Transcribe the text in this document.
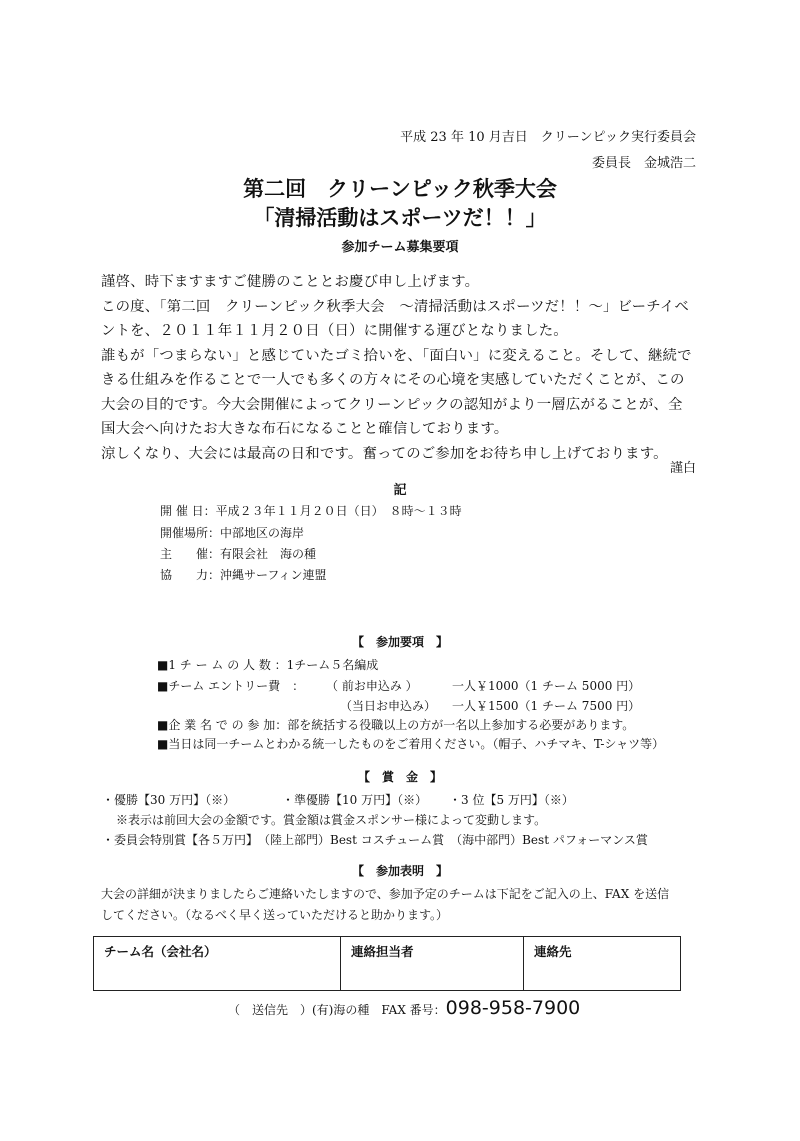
平成 23 年 10 月吉日　クリーンピック実行委員会
委員長　金城浩二
第二回　クリーンピック秋季大会
「清掃活動はスポーツだ！！」
参加チーム募集要項
謹啓、時下ますますご健勝のこととお慶び申し上げます。
この度、「第二回　クリーンピック秋季大会　～清掃活動はスポーツだ！！～」ビーチイベ
ントを、２０１１年１１月２０日（日）に開催する運びとなりました。
誰もが「つまらない」と感じていたゴミ拾いを、「面白い」に変えること。そして、継続で
きる仕組みを作ることで一人でも多くの方々にその心境を実感していただくことが、この
大会の目的です。今大会開催によってクリーンピックの認知がより一層広がることが、全
国大会へ向けたお大きな布石になることと確信しております。
涼しくなり、大会には最高の日和です。奮ってのご参加をお待ち申し上げております。
謹白
記
開 催 日：平成２３年１１月２０日（日）　８時～１３時
開催場所：中部地区の海岸
主　　催：有限会社　海の種
協　　力：沖縄サーフィン連盟
【　参加要項　】
■1 チ ー ム の 人 数 ：1チーム５名編成
■チーム エントリー費　： （ 前お申込み ）	一人￥1000（1 チーム 5000 円）
（当日お申込み） 一人￥1500（1 チーム 7500 円）
■企 業 名 で の 参 加：部を統括する役職以上の方が一名以上参加する必要があります。
■当日は同一チームとわかる統一したものをご着用ください。（帽子、ハチマキ、T-シャツ等）
【　賞　金　】
・優勝【30 万円】（※）	・準優勝【10 万円】（※） ・3 位【5 万円】（※）
※表示は前回大会の金額です。賞金額は賞金スポンサー様によって変動します。
・委員会特別賞【各５万円】　（陸上部門）Best コスチューム賞　（海中部門）Best パフォーマンス賞
【　参加表明　】
大会の詳細が決まりましたらご連絡いたしますので、参加予定のチームは下記をご記入の上、FAX を送信
してください。（なるべく早く送っていただけると助かります。）
チーム名（会社名）	連絡担当者	連絡先
（　送信先　）(有)海の種　FAX 番号：098-958-7900
